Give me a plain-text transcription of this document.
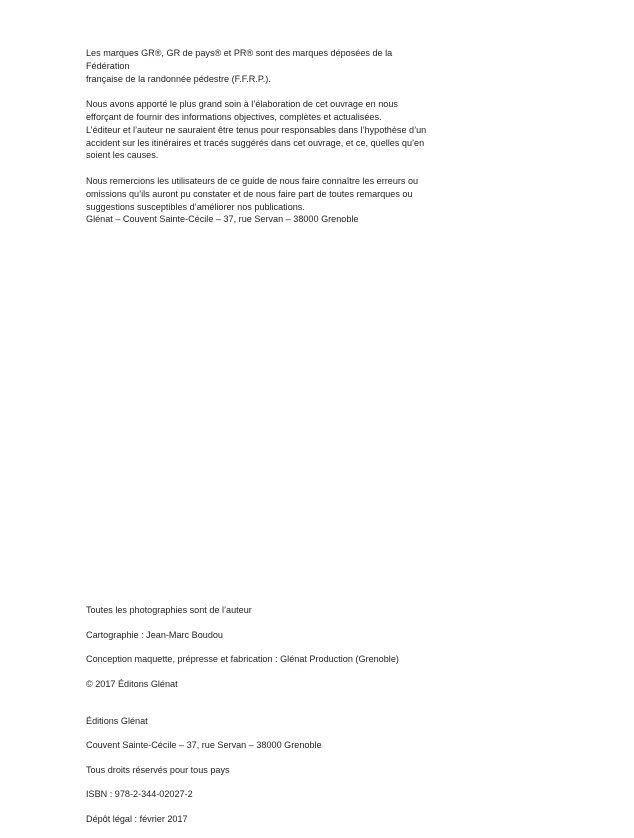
Les marques GR®, GR de pays® et PR® sont des marques déposées de la Fédération
française de la randonnée pédestre (F.F.R.P.).

Nous avons apporté le plus grand soin à l’élaboration de cet ouvrage en nous
efforçant de fournir des informations objectives, complètes et actualisées.
L’éditeur et l’auteur ne sauraient être tenus pour responsables dans l’hypothèse d’un
accident sur les itinéraires et tracés suggérés dans cet ouvrage, et ce, quelles qu’en
soient les causes.

Nous remercions les utilisateurs de ce guide de nous faire connaître les erreurs ou
omissions qu’ils auront pu constater et de nous faire part de toutes remarques ou
suggestions susceptibles d’améliorer nos publications.
Glénat – Couvent Sainte-Cécile – 37, rue Servan – 38000 Grenoble

Toutes les photographies sont de l’auteur

Cartographie : Jean-Marc Boudou

Conception maquette, prépresse et fabrication : Glénat Production (Grenoble)

© 2017 Éditons Glénat

Éditions Glénat

Couvent Sainte-Cécile – 37, rue Servan – 38000 Grenoble

Tous droits réservés pour tous pays

ISBN : 978-2-344-02027-2

Dépôt légal : février 2017
